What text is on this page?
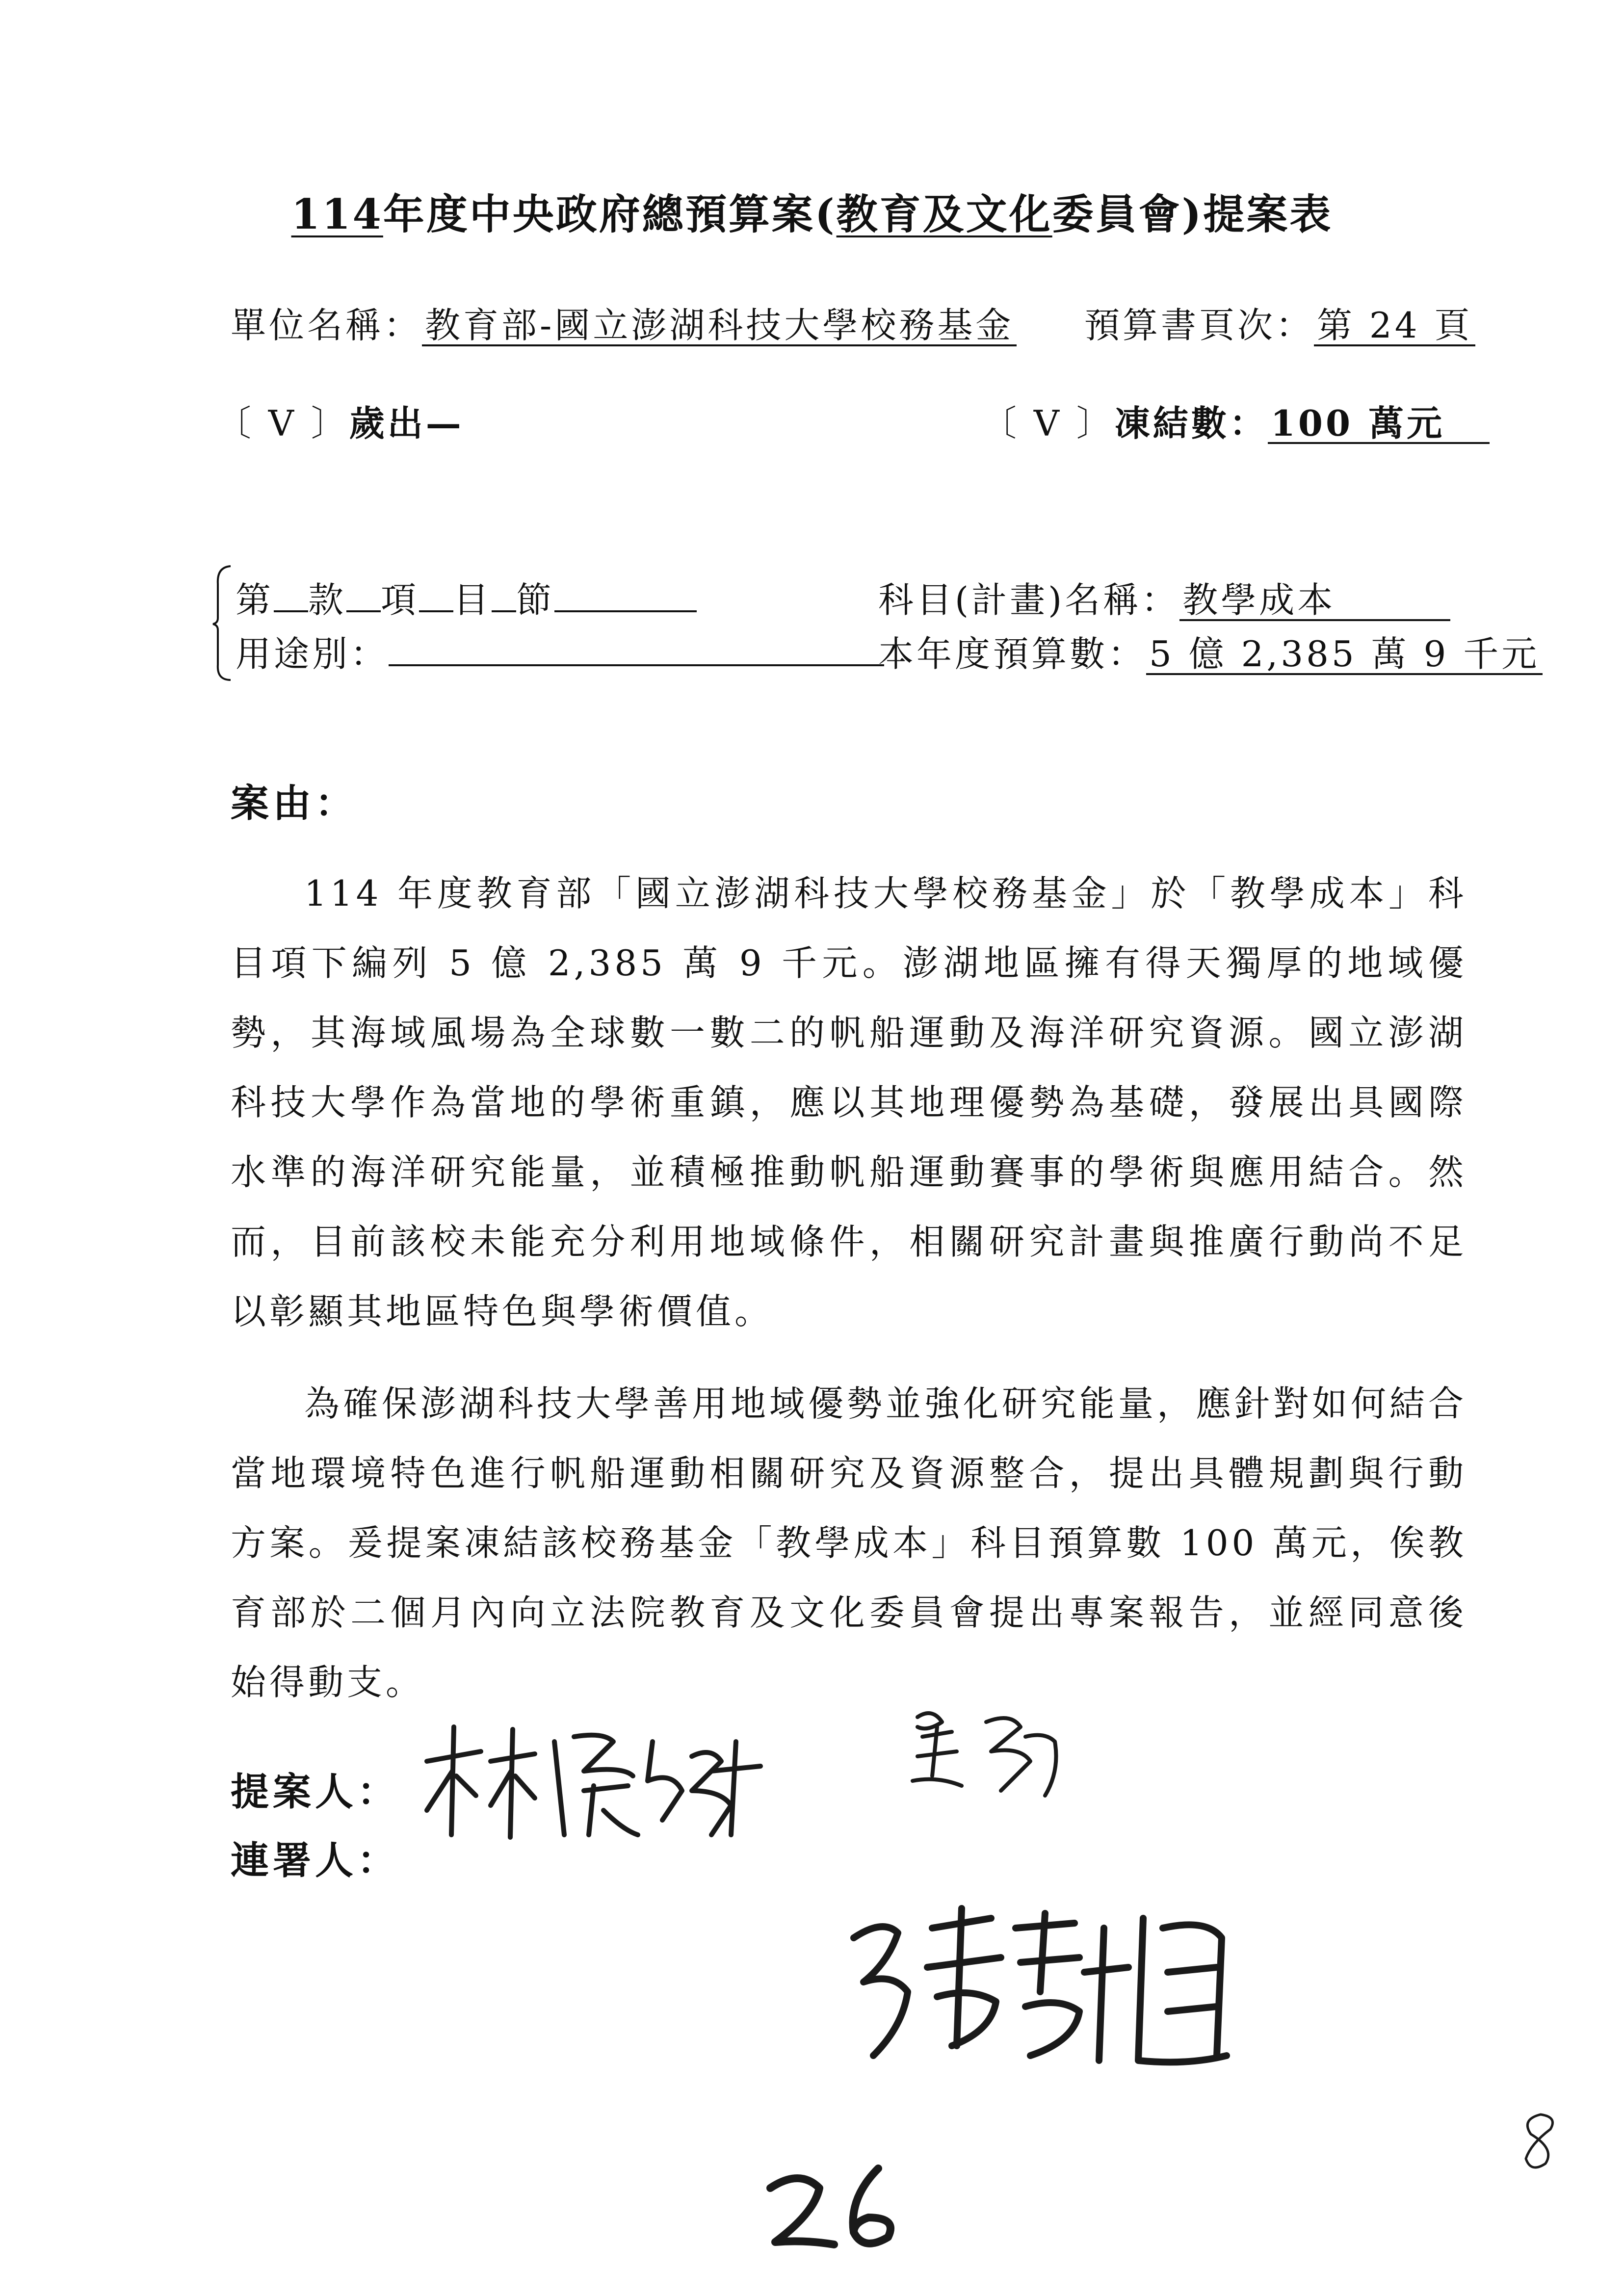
114年度中央政府總預算案(教育及文化委員會)提案表
單位名稱：教育部-國立澎湖科技大學校務基金 預算書頁次：第 24 頁
〔 V 〕歲出—	〔 V 〕凍結數：100 萬元
第 款 項 目 節	科目(計畫)名稱：教學成本
用途別：	本年度預算數：5 億 2,385 萬 9 千元
案由：
114 年度教育部「國立澎湖科技大學校務基金」於「教學成本」科目項下編列 5 億 2,385 萬 9 千元。澎湖地區擁有得天獨厚的地域優勢，其海域風場為全球數一數二的帆船運動及海洋研究資源。國立澎湖科技大學作為當地的學術重鎮，應以其地理優勢為基礎，發展出具國際水準的海洋研究能量，並積極推動帆船運動賽事的學術與應用結合。然而，目前該校未能充分利用地域條件，相關研究計畫與推廣行動尚不足以彰顯其地區特色與學術價值。
為確保澎湖科技大學善用地域優勢並強化研究能量，應針對如何結合當地環境特色進行帆船運動相關研究及資源整合，提出具體規劃與行動方案。爰提案凍結該校務基金「教學成本」科目預算數 100 萬元，俟教育部於二個月內向立法院教育及文化委員會提出專案報告，並經同意後始得動支。
提案人：
連署人：
